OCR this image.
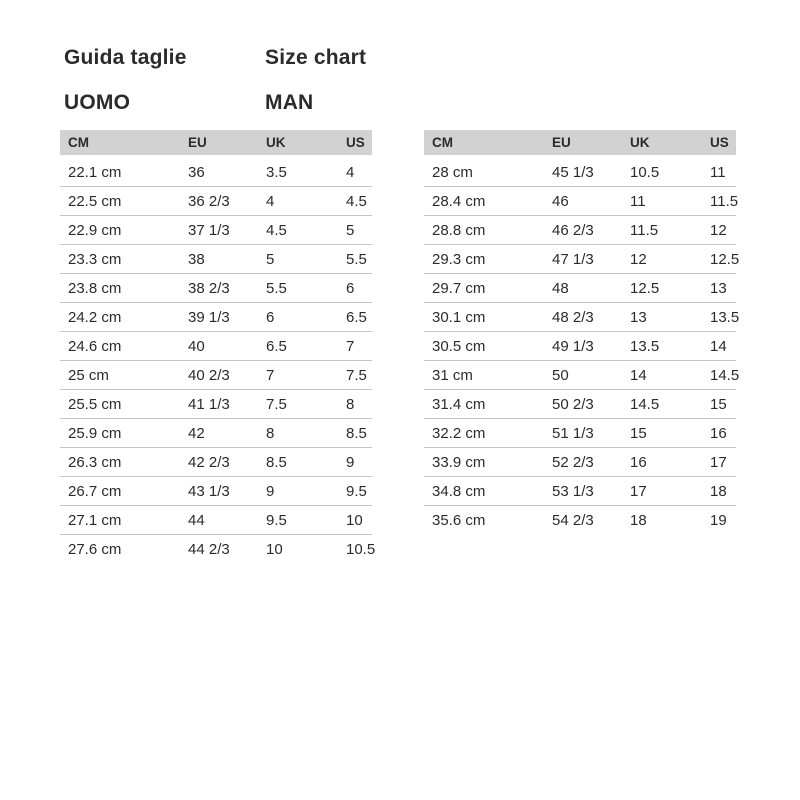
Guida taglie	Size chart
UOMO	MAN
CM	EU	UK	US
22.1 cm	36	3.5	4
22.5 cm	36 2/3	4	4.5
22.9 cm	37 1/3	4.5	5
23.3 cm	38	5	5.5
23.8 cm	38 2/3	5.5	6
24.2 cm	39 1/3	6	6.5
24.6 cm	40	6.5	7
25 cm	40 2/3	7	7.5
25.5 cm	41 1/3	7.5	8
25.9 cm	42	8	8.5
26.3 cm	42 2/3	8.5	9
26.7 cm	43 1/3	9	9.5
27.1 cm	44	9.5	10
27.6 cm	44 2/3	10	10.5
CM	EU	UK	US
28 cm	45 1/3	10.5	11
28.4 cm	46	11	11.5
28.8 cm	46 2/3	11.5	12
29.3 cm	47 1/3	12	12.5
29.7 cm	48	12.5	13
30.1 cm	48 2/3	13	13.5
30.5 cm	49 1/3	13.5	14
31 cm	50	14	14.5
31.4 cm	50 2/3	14.5	15
32.2 cm	51 1/3	15	16
33.9 cm	52 2/3	16	17
34.8 cm	53 1/3	17	18
35.6 cm	54 2/3	18	19
